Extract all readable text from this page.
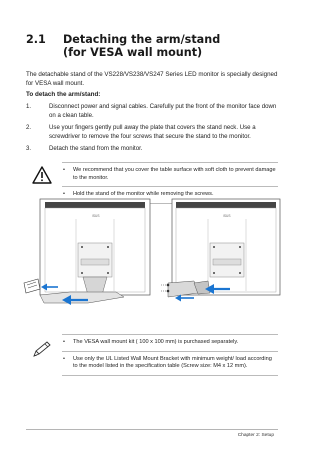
2.1 Detaching the arm/stand
(for VESA wall mount)
The detachable stand of the VS228/VS238/VS247 Series LED monitor is specially designed for VESA wall mount.
To detach the arm/stand:
1.	Disconnect power and signal cables. Carefully put the front of the monitor face down on a clean table.
2.	Use your fingers gently pull away the plate that covers the stand neck. Use a screwdriver to remove the four screws that secure the stand to the monitor.
3.	Detach the stand from the monitor.
• We recommend that you cover the table surface with soft cloth to prevent damage to the monitor.
• Hold the stand of the monitor while removing the screws.
/SUS	/SUS
• The VESA wall mount kit ( 100 x 100 mm) is purchased separately.
• Use only the UL Listed Wall Mount Bracket with minimum weight/ load according to the model listed in the specification table (Screw size: M4 x 12 mm).
Chapter 2: Setup
